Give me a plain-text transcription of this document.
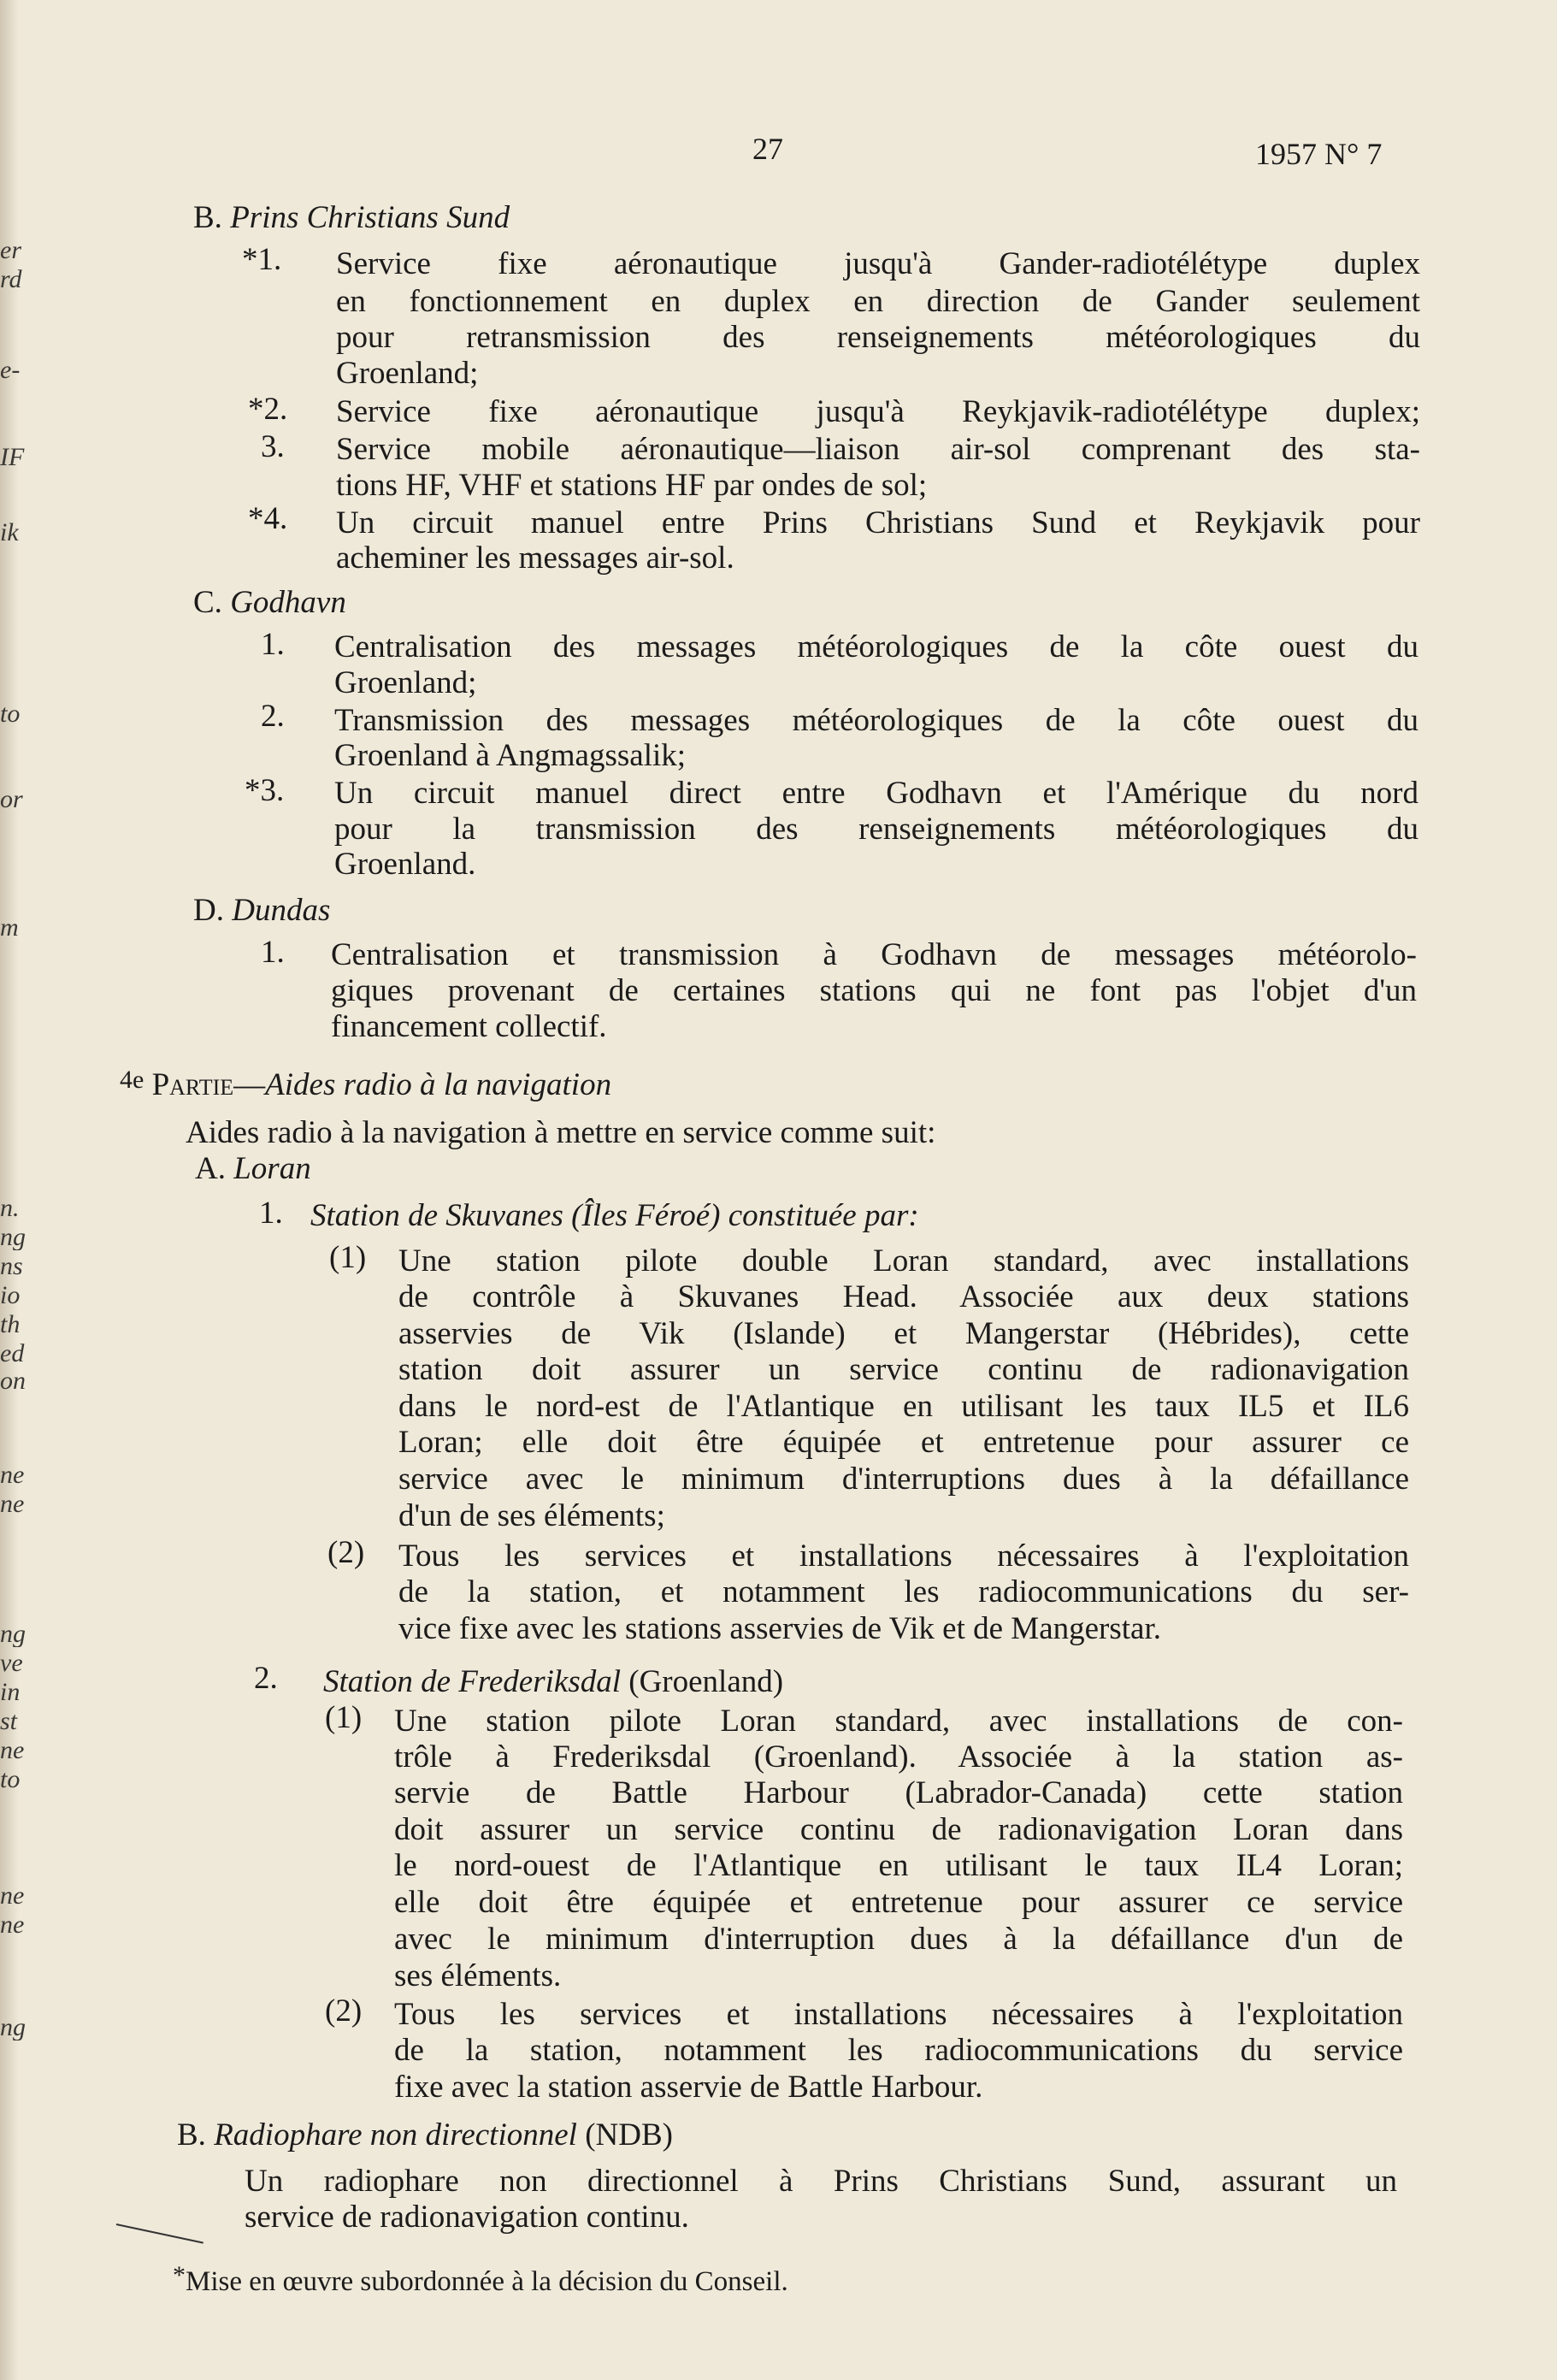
er
rd
e-
IF
ik
to
or
m
n.
ng
ns
io
th
ed
on
ne
ne
ng
ve
in
st
ne
to
ne
ne
ng
27	1957 N° 7
B. Prins Christians Sund
*1. Service fixe aéronautique jusqu'à Gander-radiotélétype duplex
en fonctionnement en duplex en direction de Gander seulement
pour retransmission des renseignements météorologiques du
Groenland;
*2. Service fixe aéronautique jusqu'à Reykjavik-radiotélétype duplex;
3. Service mobile aéronautique—liaison air-sol comprenant des sta-
tions HF, VHF et stations HF par ondes de sol;
*4. Un circuit manuel entre Prins Christians Sund et Reykjavik pour
acheminer les messages air-sol.
C. Godhavn
1. Centralisation des messages météorologiques de la côte ouest du
Groenland;
2. Transmission des messages météorologiques de la côte ouest du
Groenland à Angmagssalik;
*3. Un circuit manuel direct entre Godhavn et l'Amérique du nord
pour la transmission des renseignements météorologiques du
Groenland.
D. Dundas
1. Centralisation et transmission à Godhavn de messages météorolo-
giques provenant de certaines stations qui ne font pas l'objet d'un
financement collectif.
$^{4e}$ Partie—Aides radio à la navigation
Aides radio à la navigation à mettre en service comme suit:
A. Loran
1. Station de Skuvanes (Îles Féroé) constituée par:
(1) Une station pilote double Loran standard, avec installations
de contrôle à Skuvanes Head. Associée aux deux stations
asservies de Vik (Islande) et Mangerstar (Hébrides), cette
station doit assurer un service continu de radionavigation
dans le nord-est de l'Atlantique en utilisant les taux IL5 et IL6
Loran; elle doit être équipée et entretenue pour assurer ce
service avec le minimum d'interruptions dues à la défaillance
d'un de ses éléments;
(2) Tous les services et installations nécessaires à l'exploitation
de la station, et notamment les radiocommunications du ser-
vice fixe avec les stations asservies de Vik et de Mangerstar.
2. Station de Frederiksdal (Groenland)
(1) Une station pilote Loran standard, avec installations de con-
trôle à Frederiksdal (Groenland). Associée à la station as-
servie de Battle Harbour (Labrador-Canada) cette station
doit assurer un service continu de radionavigation Loran dans
le nord-ouest de l'Atlantique en utilisant le taux IL4 Loran;
elle doit être équipée et entretenue pour assurer ce service
avec le minimum d'interruption dues à la défaillance d'un de
ses éléments.
(2) Tous les services et installations nécessaires à l'exploitation
de la station, notamment les radiocommunications du service
fixe avec la station asservie de Battle Harbour.
B. Radiophare non directionnel (NDB)
Un radiophare non directionnel à Prins Christians Sund, assurant un
service de radionavigation continu.
*Mise en œuvre subordonnée à la décision du Conseil.
